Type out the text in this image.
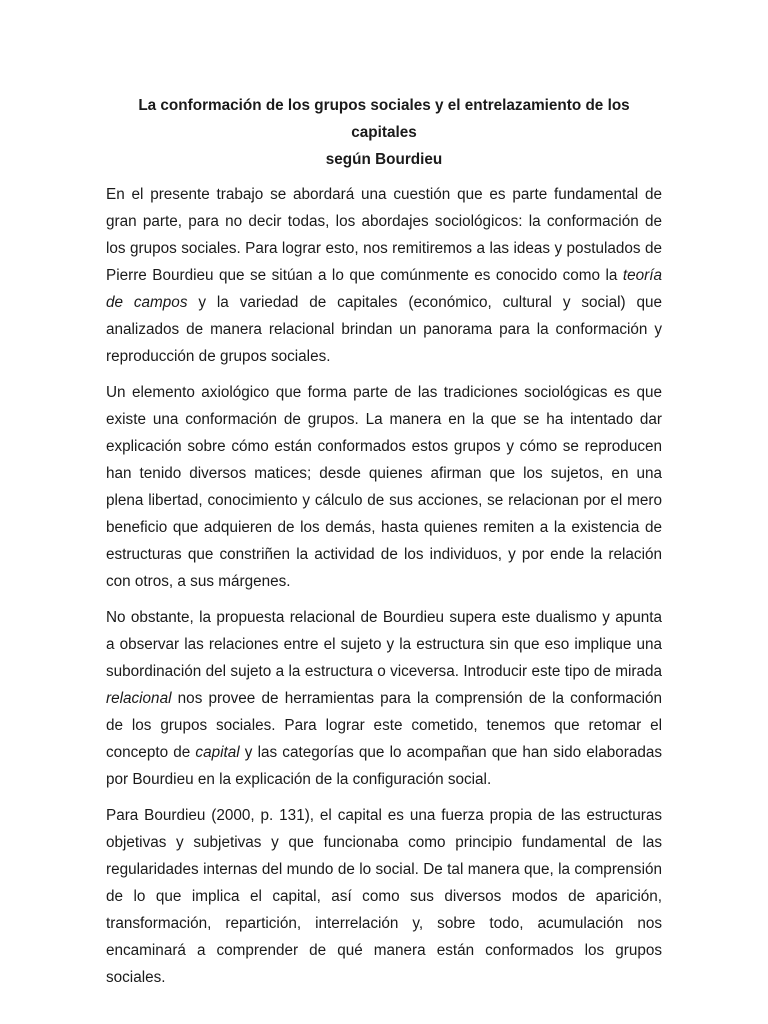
La conformación de los grupos sociales y el entrelazamiento de los capitales
según Bourdieu

En el presente trabajo se abordará una cuestión que es parte fundamental de gran parte, para no decir todas, los abordajes sociológicos: la conformación de los grupos sociales. Para lograr esto, nos remitiremos a las ideas y postulados de Pierre Bourdieu que se sitúan a lo que comúnmente es conocido como la teoría de campos y la variedad de capitales (económico, cultural y social) que analizados de manera relacional brindan un panorama para la conformación y reproducción de grupos sociales.

Un elemento axiológico que forma parte de las tradiciones sociológicas es que existe una conformación de grupos. La manera en la que se ha intentado dar explicación sobre cómo están conformados estos grupos y cómo se reproducen han tenido diversos matices; desde quienes afirman que los sujetos, en una plena libertad, conocimiento y cálculo de sus acciones, se relacionan por el mero beneficio que adquieren de los demás, hasta quienes remiten a la existencia de estructuras que constriñen la actividad de los individuos, y por ende la relación con otros, a sus márgenes.

No obstante, la propuesta relacional de Bourdieu supera este dualismo y apunta a observar las relaciones entre el sujeto y la estructura sin que eso implique una subordinación del sujeto a la estructura o viceversa. Introducir este tipo de mirada relacional nos provee de herramientas para la comprensión de la conformación de los grupos sociales. Para lograr este cometido, tenemos que retomar el concepto de capital y las categorías que lo acompañan que han sido elaboradas por Bourdieu en la explicación de la configuración social.

Para Bourdieu (2000, p. 131), el capital es una fuerza propia de las estructuras objetivas y subjetivas y que funcionaba como principio fundamental de las regularidades internas del mundo de lo social. De tal manera que, la comprensión de lo que implica el capital, así como sus diversos modos de aparición, transformación, repartición, interrelación y, sobre todo, acumulación nos encaminará a comprender de qué manera están conformados los grupos sociales.
